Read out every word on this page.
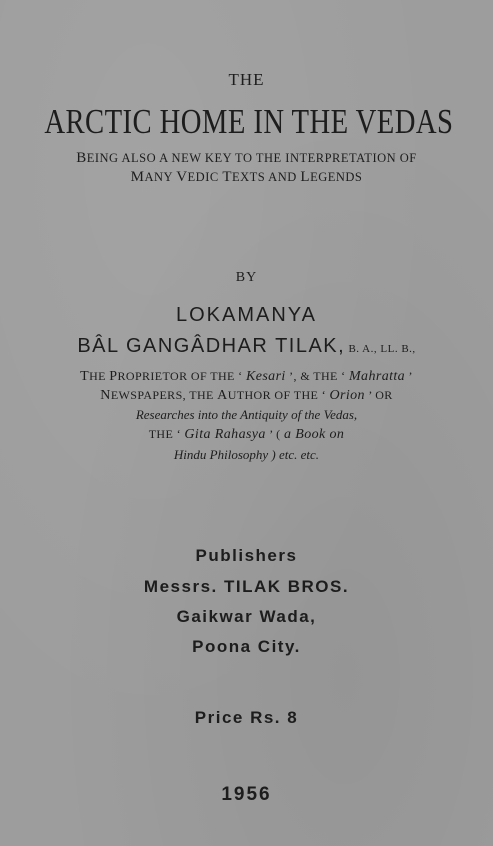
THE
ARCTIC HOME IN THE VEDAS
BEING ALSO A NEW KEY TO THE INTERPRETATION OF
MANY VEDIC TEXTS AND LEGENDS
BY
LOKAMANYA
BÂL GANGÂDHAR TILAK, B. A., LL. B.,
THE PROPRIETOR OF THE ‘ Kesari ’, & THE ‘ Mahratta ’
NEWSPAPERS, THE AUTHOR OF THE ‘ Orion ’ OR
Researches into the Antiquity of the Vedas,
THE ‘ Gita Rahasya ’ ( a Book on
Hindu Philosophy ) etc. etc.
Publishers
Messrs. TILAK BROS.
Gaikwar Wada,
Poona City.
Price Rs. 8
1956
